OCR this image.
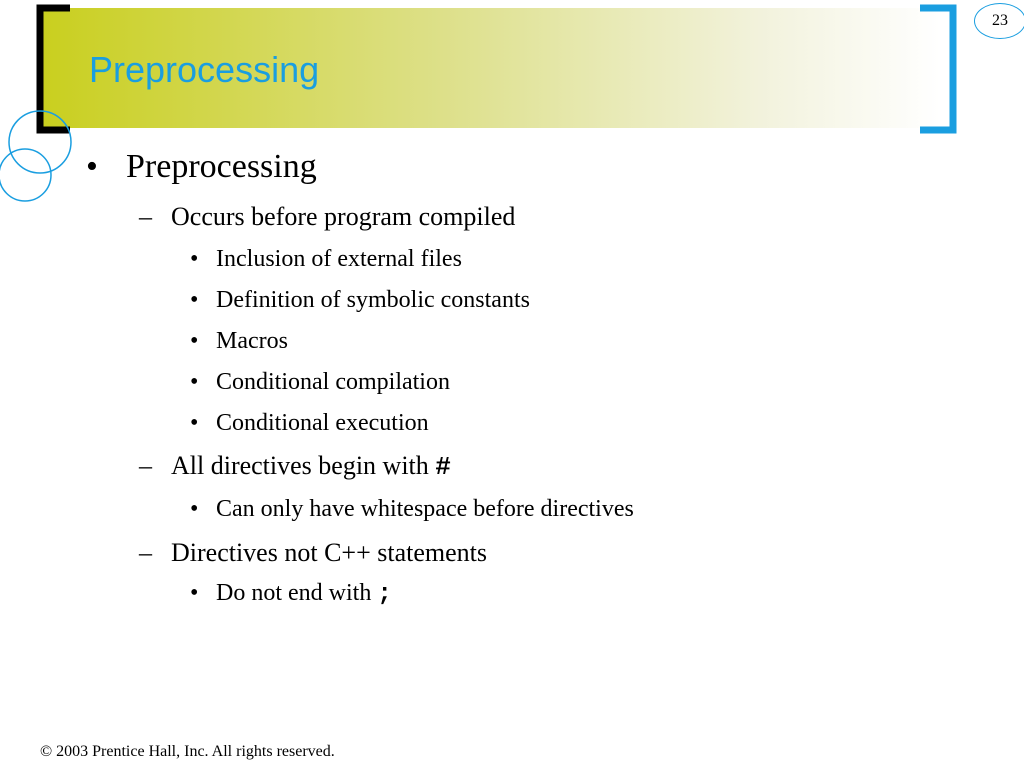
Preprocessing
23
• Preprocessing
– Occurs before program compiled
• Inclusion of external files
• Definition of symbolic constants
• Macros
• Conditional compilation
• Conditional execution
– All directives begin with #
• Can only have whitespace before directives
– Directives not C++ statements
• Do not end with ;
© 2003 Prentice Hall, Inc. All rights reserved.
